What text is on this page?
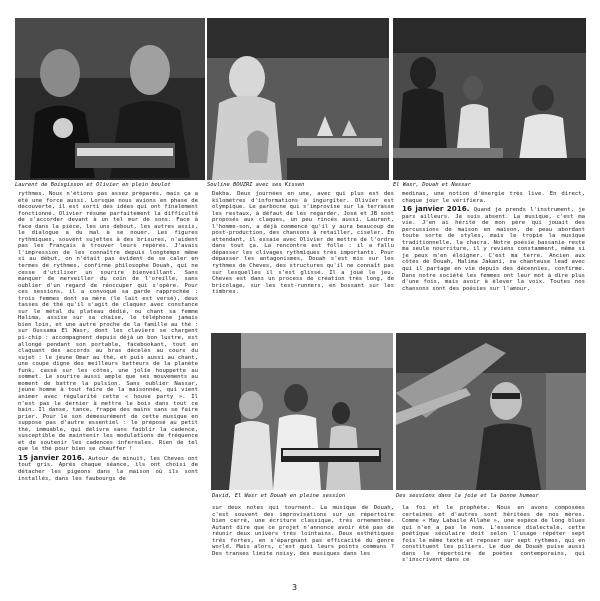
Laurent de Boisgisson et Olivier en plein boulot	Souline BOUZRI avec ses Kissen	El Wasr, Douah et Nassar

rythmes. Nous n'étions pas assez préparés, mais ça a été une force aussi. Lorsque nous avions en phase de découverte, il est sorti des idées qui ont finalement fonctionné. Olivier résume parfaitement la difficulté de s'accorder devant à un tel mur de sons. Face à face dans la pièce, les uns debout, les autres assis, le dialogue a du mal à se nouer. Les figures rythmiques, souvent sujettes à des brisures, n'aident pas les Français à trouver leurs repères. J'avais l'impression de les connaître depuis longtemps même si au début, on n'était pas évident de se caler en termes de rythmes, confirme philosophe Douah, qui ne cesse d'utiliser un sourire bienveillant. Sans manquer de merveiller du coin de l'oreille, sans oublier d'un regard de réoccuper qui s'opère. Pour ces sessions, il a convoqué sa garde rapprochée : trois femmes dont sa mère (le lait est versé), deux tasses de thé qu'il s'agit de claquer avec constance sur le métal du plateau dédié, ou chant sa femme Halima, assise sur sa chaise, le téléphone jamais bien loin, et une autre proche de la famille au thé : sur Oussama El Wasr, dont les claviers se chargent pi-chip : accompagnent depuis déjà un bon lustre, est allongé pendant son portable, facebookant, tout en claquant des accords au bras décelés au cours du sujet : le jeune Omar au thé, et puis aussi au chant, une coupe digne des meilleurs batteurs de la planète funk, cassé sur les côtes, une jolie houppette au sommet. Le sourire aussi ample que ses mouvements au moment de battre la pulsion. Sans oublier Nassar, jeune homme à tout faire de la maisonnée, qui vient animer avec régularité cette « house party ». Il n'est pas le dernier à mettre le bois dans tout ce bain. Il danse, tance, frappe des mains sans se faire prier. Pour le son démesurément de cette musique en suppose pas d'autre essentiel : le préposé au petit thé, immuable, qui délivre sans faiblir la cadence, susceptible de maintenir les modulations de fréquence et de soutenir les cadences infernales. Rien de tel que le thé pour bien se chauffer !

15 janvier 2016. Autour de minuit, les Cheves ont tout gris. Après chaque séance, ils ont choisi de détacher les pigeons dans la maison où ils sont installés, dans les faubourgs de

Dakha. Deux journées en une, avec qui plus est des kilomètres d'informations à ingurgiter. Olivier est olympique. Le parbocne qui s'improvise sur la terrasse les restaux, à défaut de les regarder. José et JB sont proposés aux claques, un peu rincés aussi. Laurent, l'homme-son, a déjà commencé qu'il y aura beaucoup de post-production, des chansons à retailler, ciseler. En attendant, il essaie avec Olivier de mettre de l'ordre dans tout ça. La rencontre est folle : il a fallu dépasser les clivages rythmiques très importants. Pour dépasser les antagonismes, Douah s'est mis sur les rythmes de Cheves, des structures qu'il ne connaît pas sur lesquelles il s'est glissé. Il a joué le jeu. Cheves est dans un process de création très long, de bricolage, sur les test-runners, en bossant sur les timbres.

medinas, une notion d'énergie très live. En direct, chaque jour le vérifiera.

16 janvier 2016. Quand je prends l'instrument, je pars ailleurs. Je suis absent. La musique, c'est ma vie. J'en ai hérité de mon père qui jouait des percussions de maison en maison, de peau abordant toute sorte de styles, mais le tropie la musique traditionnelle, la chacra. Notre poésie bassanie reste ma seule nourriture, il y reviens constamment, même si je peux m'en éloigner. C'est ma terre. Ancien aux côtés de Douah, Halima Jakani, sa chanteuse lead avec qui il partage en vie depuis des décennies, confirme. Dans notre société les femmes ont leur mot à dire plus d'une fois, mais avoir à élever la voix. Toutes nos chansons sont des poésies sur l'amour,

David, El Wasr et Douah en pleine session	Des sessions dans la joie et la bonne humeur

sur deux notes qui tournent. La musique de Douah, c'est souvent des improvisations sur un répertoire bien carré, une écriture classique, très ornementée. Autant dire que ce projet n'annonce avoir été pas de réunir deux univers très lointains. Deux esthétiques très fortes, en s'épargnant pas efficacité du genre world. Mais alors, c'est quoi leurs points communs ? Des transes limite noisy, des musiques dans les

la foi et le prophète. Nous en avons composées certaines et d'autres sont héritées de nos mères. Comme « Hay Labaile Allahe », une espèce de long blues qui n'en a pas le nom. L'essence dialectale, cette poétique séculaire doit selon l'usage répéter sept fois le même texte et reposer sur sept rythmes, qui en constituent les piliers. Le duo de Douah puise aussi dans le répertoire de poètes contemporains, qui s'inscrivent dans ce

3
